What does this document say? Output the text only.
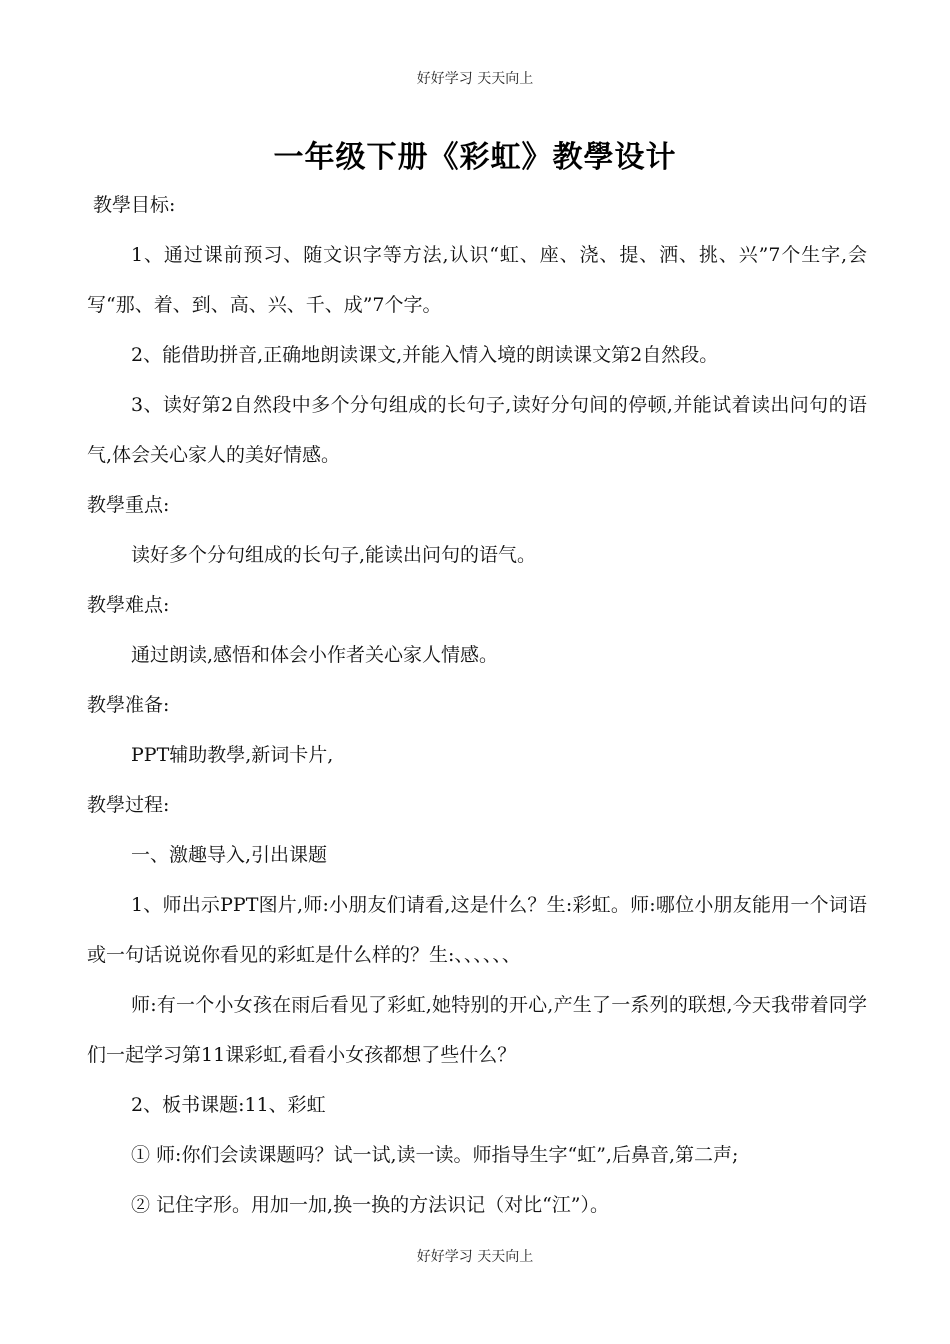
好好学习 天天向上
一年级下册《彩虹》教學设计

教學目标:

1、通过课前预习、随文识字等方法,认识“虹、座、浇、提、洒、挑、兴”7个生字,会写“那、着、到、高、兴、千、成”7个字。

2、能借助拼音,正确地朗读课文,并能入情入境的朗读课文第2自然段。

3、读好第2自然段中多个分句组成的长句子,读好分句间的停顿,并能试着读出问句的语气,体会关心家人的美好情感。

教學重点:

读好多个分句组成的长句子,能读出问句的语气。

教學难点:

通过朗读,感悟和体会小作者关心家人情感。

教學准备:

PPT辅助教學,新词卡片,

教學过程:

一、激趣导入,引出课题

1、师出示PPT图片,师:小朋友们请看,这是什么？生:彩虹。师:哪位小朋友能用一个词语或一句话说说你看见的彩虹是什么样的？生:、、、、、、

师:有一个小女孩在雨后看见了彩虹,她特别的开心,产生了一系列的联想,今天我带着同学们一起学习第11课彩虹,看看小女孩都想了些什么？

2、板书课题:11、彩虹

① 师:你们会读课题吗？试一试,读一读。师指导生字“虹”,后鼻音,第二声;

② 记住字形。用加一加,换一换的方法识记（对比“江”）。

好好学习 天天向上
